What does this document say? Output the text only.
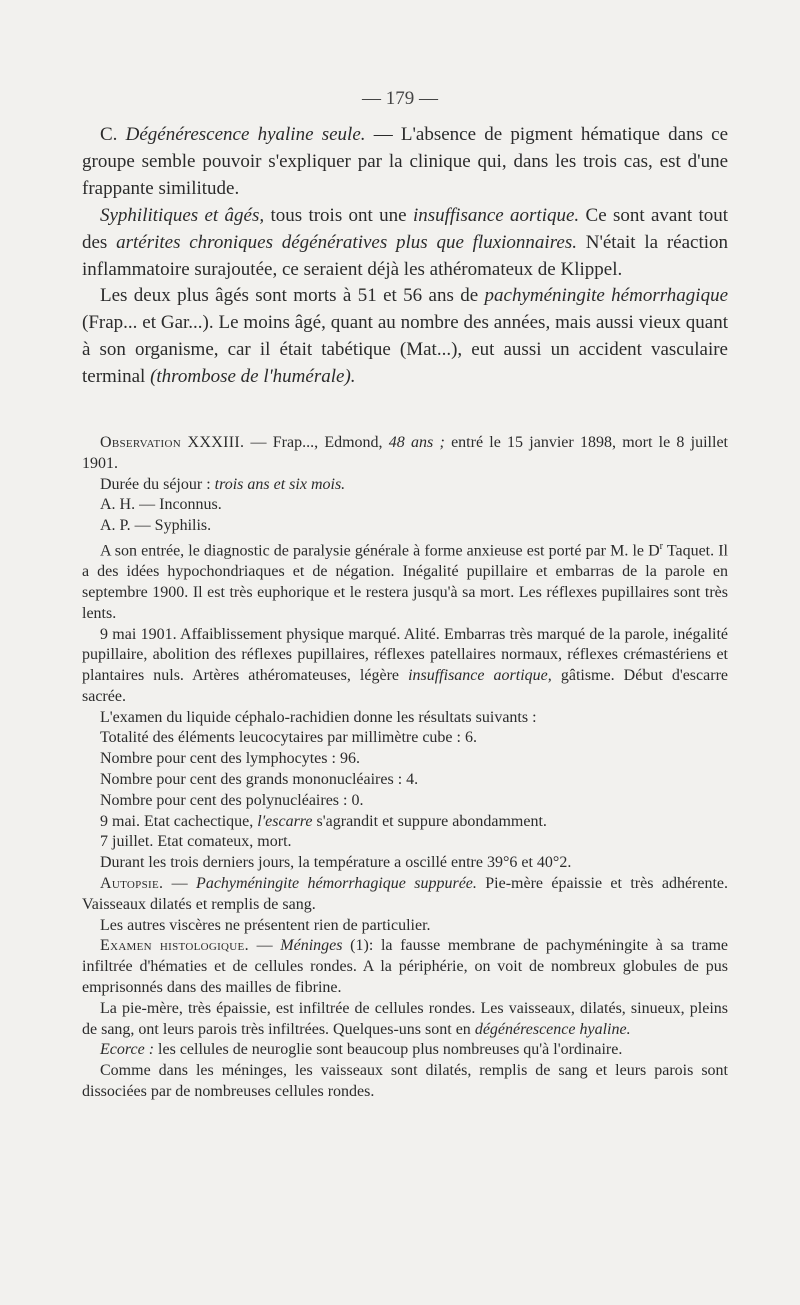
— 179 —

C. Dégénérescence hyaline seule. — L'absence de pigment hématique dans ce groupe semble pouvoir s'expliquer par la clinique qui, dans les trois cas, est d'une frappante similitude.

Syphilitiques et âgés, tous trois ont une insuffisance aortique. Ce sont avant tout des artérites chroniques dégénératives plus que fluxionnaires. N'était la réaction inflammatoire surajoutée, ce seraient déjà les athéromateux de Klippel.

Les deux plus âgés sont morts à 51 et 56 ans de pachyméningite hémorrhagique (Frap... et Gar...). Le moins âgé, quant au nombre des années, mais aussi vieux quant à son organisme, car il était tabétique (Mat...), eut aussi un accident vasculaire terminal (thrombose de l'humérale).

Observation XXXIII. — Frap..., Edmond, 48 ans ; entré le 15 janvier 1898, mort le 8 juillet 1901.

Durée du séjour : trois ans et six mois.

A. H. — Inconnus.

A. P. — Syphilis.

A son entrée, le diagnostic de paralysie générale à forme anxieuse est porté par M. le $D^r$ Taquet. Il a des idées hypochondriaques et de négation. Inégalité pupillaire et embarras de la parole en septembre 1900. Il est très euphorique et le restera jusqu'à sa mort. Les réflexes pupillaires sont très lents.

9 mai 1901. Affaiblissement physique marqué. Alité. Embarras très marqué de la parole, inégalité pupillaire, abolition des réflexes pupillaires, réflexes patellaires normaux, réflexes crémastériens et plantaires nuls. Artères athéromateuses, légère insuffisance aortique, gâtisme. Début d'escarre sacrée.

L'examen du liquide céphalo-rachidien donne les résultats suivants :

Totalité des éléments leucocytaires par millimètre cube : 6.

Nombre pour cent des lymphocytes : 96.

Nombre pour cent des grands mononucléaires : 4.

Nombre pour cent des polynucléaires : 0.

9 mai. Etat cachectique, l'escarre s'agrandit et suppure abondamment.

7 juillet. Etat comateux, mort.

Durant les trois derniers jours, la température a oscillé entre 39°6 et 40°2.

Autopsie. — Pachyméningite hémorrhagique suppurée. Pie-mère épaissie et très adhérente. Vaisseaux dilatés et remplis de sang.

Les autres viscères ne présentent rien de particulier.

Examen histologique. — Méninges (1): la fausse membrane de pachyméningite à sa trame infiltrée d'hématies et de cellules rondes. A la périphérie, on voit de nombreux globules de pus emprisonnés dans des mailles de fibrine.

La pie-mère, très épaissie, est infiltrée de cellules rondes. Les vaisseaux, dilatés, sinueux, pleins de sang, ont leurs parois très infiltrées. Quelques-uns sont en dégénérescence hyaline.

Ecorce : les cellules de neuroglie sont beaucoup plus nombreuses qu'à l'ordinaire.

Comme dans les méninges, les vaisseaux sont dilatés, remplis de sang et leurs parois sont dissociées par de nombreuses cellules rondes.
